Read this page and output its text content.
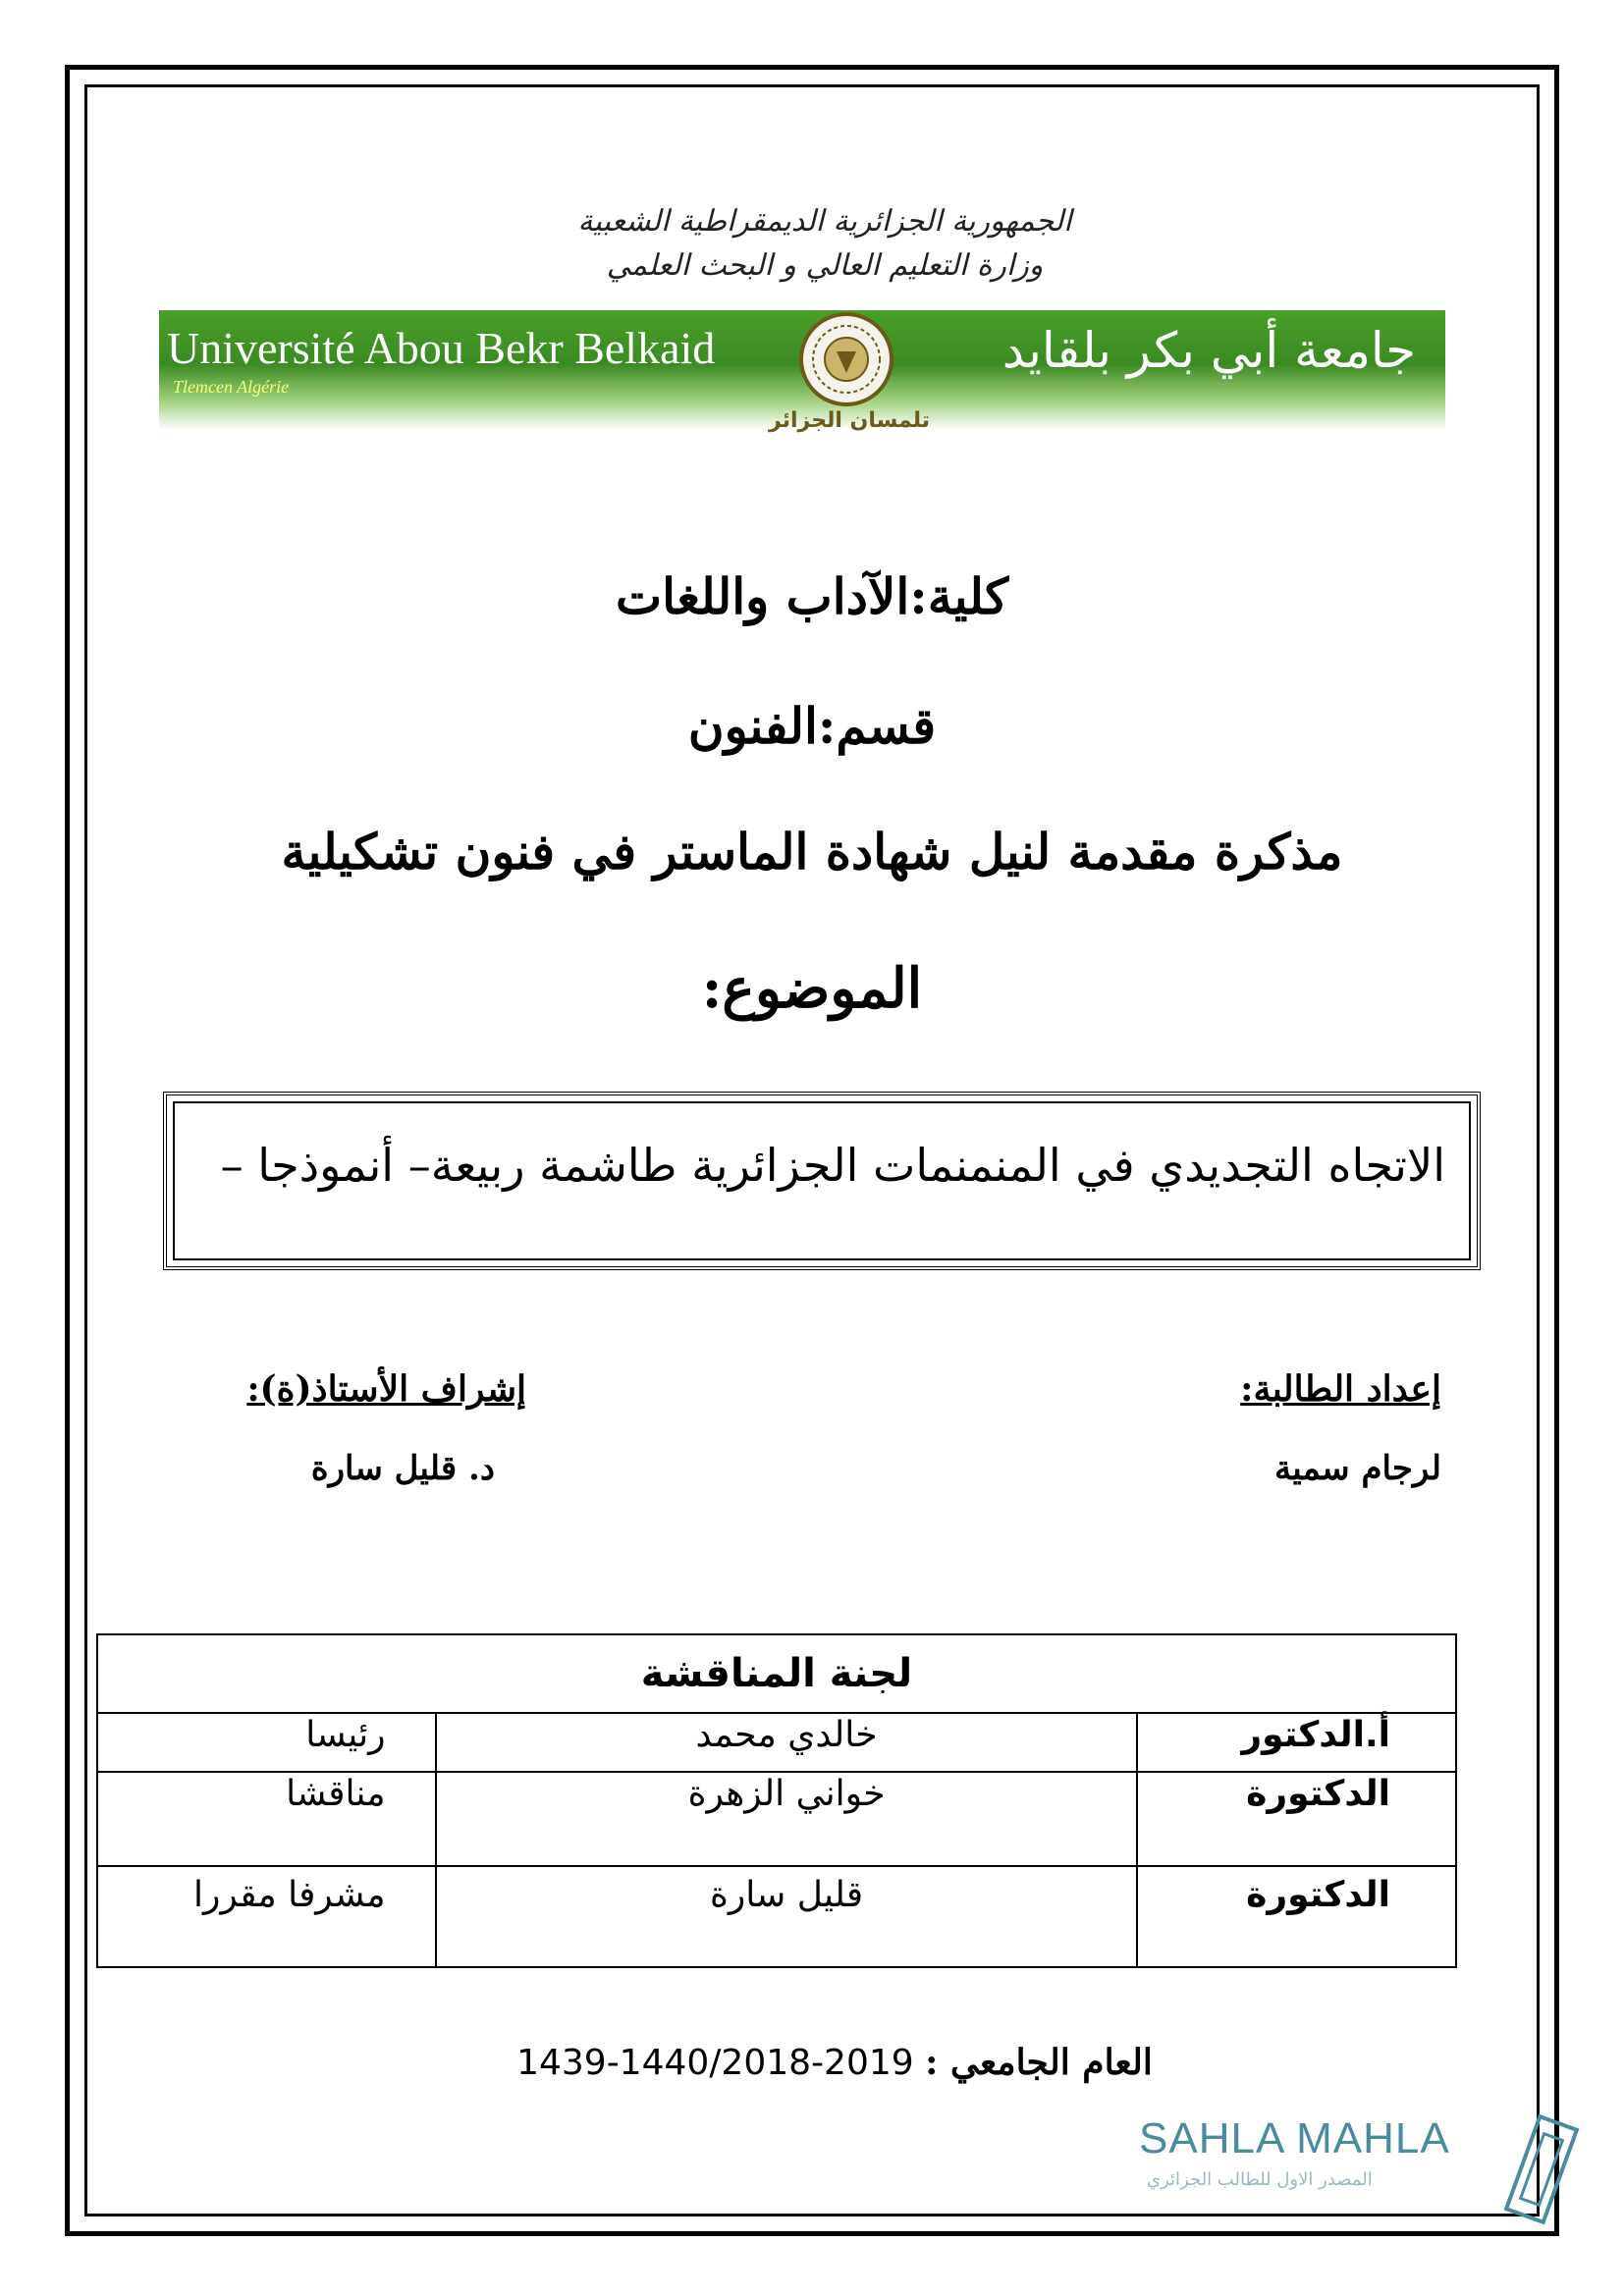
الجمهورية الجزائرية الديمقراطية الشعبية
وزارة التعليم العالي و البحث العلمي
Université Abou Bekr Belkaid
Tlemcen Algérie
جامعة أبي بكر بلقايد
تلمسان الجزائر
كلية:الآداب واللغات
قسم:الفنون
مذكرة مقدمة لنيل شهادة الماستر في فنون تشكيلية
الموضوع:
الاتجاه التجديدي في المنمنمات الجزائرية طاشمة ربيعة– أنموذجا –
إعداد الطالبة:
إشراف الأستاذ(ة):
لرجام سمية
د. قليل سارة
لجنة المناقشة		
أ.الدكتور	خالدي محمد	رئيسا
الدكتورة	خواني الزهرة	مناقشا
الدكتورة	قليل سارة	مشرفا مقررا
العام الجامعي : 1439-1440/2018-2019
SAHLA MAHLA
المصدر الاول للطالب الجزائري
